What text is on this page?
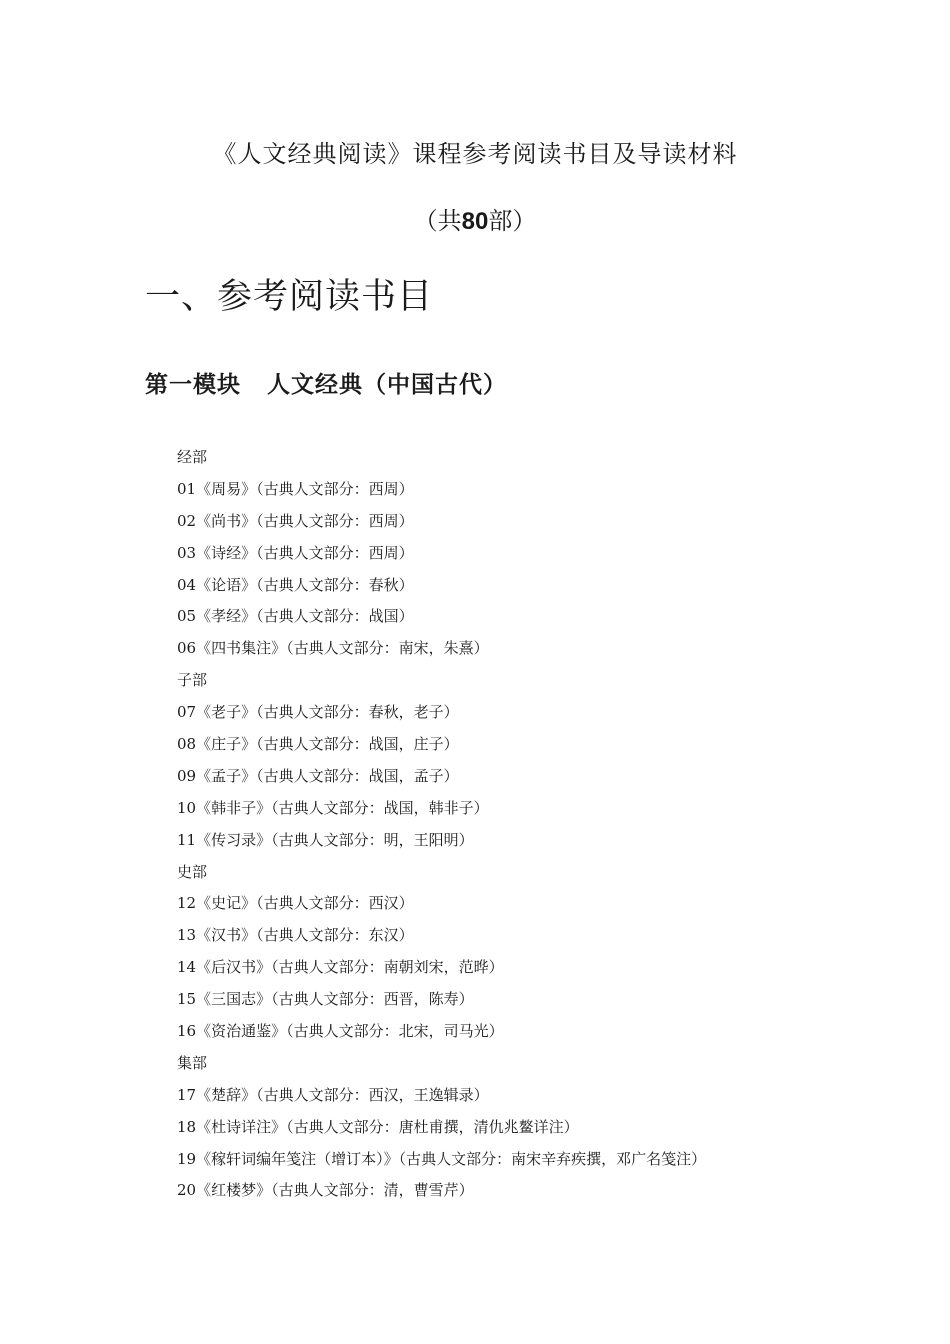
《人文经典阅读》课程参考阅读书目及导读材料
（共80部）
一、参考阅读书目
第一模块 人文经典（中国古代）
经部
01《周易》（古典人文部分：西周）
02《尚书》（古典人文部分：西周）
03《诗经》（古典人文部分：西周）
04《论语》（古典人文部分：春秋）
05《孝经》（古典人文部分：战国）
06《四书集注》（古典人文部分：南宋，朱熹）
子部
07《老子》（古典人文部分：春秋，老子）
08《庄子》（古典人文部分：战国，庄子）
09《孟子》（古典人文部分：战国，孟子）
10《韩非子》（古典人文部分：战国，韩非子）
11《传习录》（古典人文部分：明，王阳明）
史部
12《史记》（古典人文部分：西汉）
13《汉书》（古典人文部分：东汉）
14《后汉书》（古典人文部分：南朝刘宋，范晔）
15《三国志》（古典人文部分：西晋，陈寿）
16《资治通鉴》（古典人文部分：北宋，司马光）
集部
17《楚辞》（古典人文部分：西汉，王逸辑录）
18《杜诗详注》（古典人文部分：唐杜甫撰，清仇兆鳌详注）
19《稼轩词编年笺注（增订本）》（古典人文部分：南宋辛弃疾撰，邓广名笺注）
20《红楼梦》（古典人文部分：清，曹雪芹）
